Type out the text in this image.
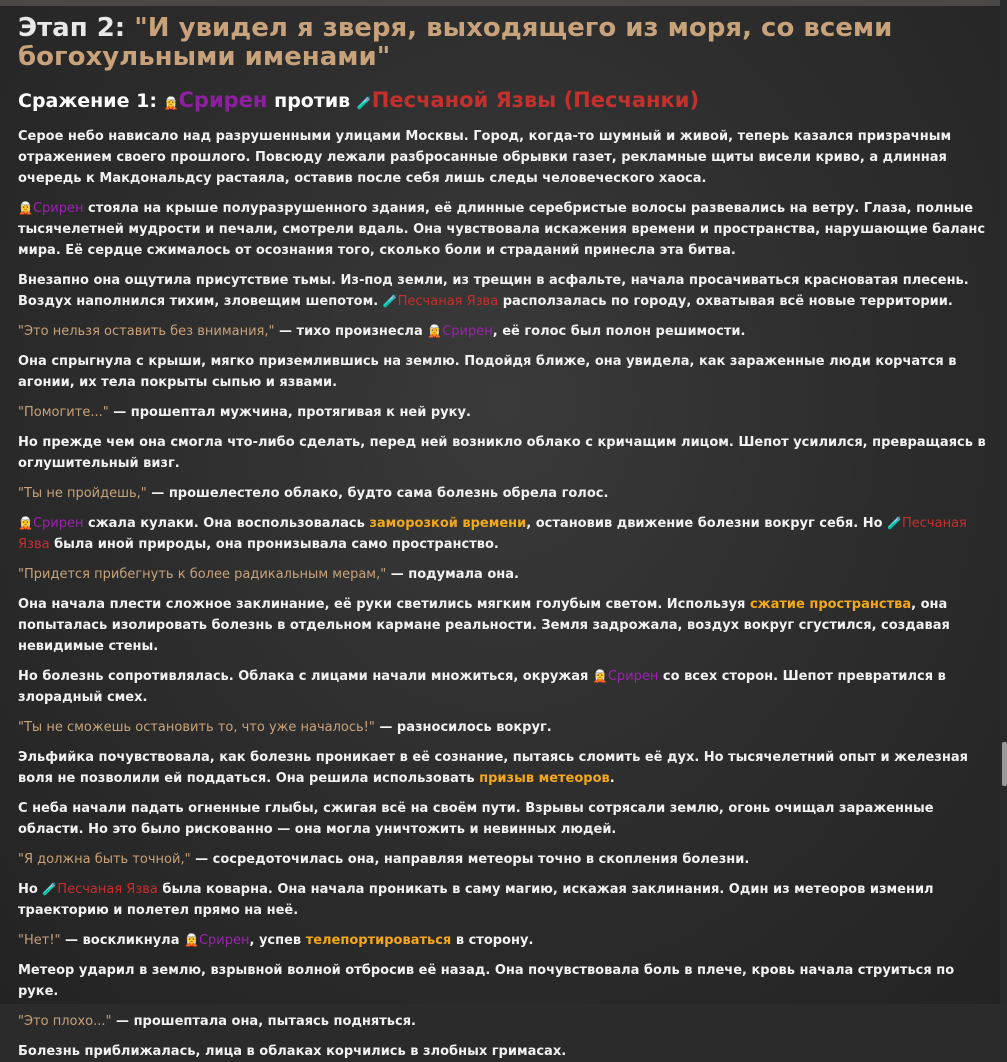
Этап 2: "И увидел я зверя, выходящего из моря, со всеми богохульными именами"
Сражение 1: 🧝Срирен против 🧪Песчаной Язвы (Песчанки)
Серое небо нависало над разрушенными улицами Москвы. Город, когда-то шумный и живой, теперь казался призрачным отражением своего прошлого. Повсюду лежали разбросанные обрывки газет, рекламные щиты висели криво, а длинная очередь к Макдональдсу растаяла, оставив после себя лишь следы человеческого хаоса.
🧝Срирен стояла на крыше полуразрушенного здания, её длинные серебристые волосы развевались на ветру. Глаза, полные тысячелетней мудрости и печали, смотрели вдаль. Она чувствовала искажения времени и пространства, нарушающие баланс мира. Её сердце сжималось от осознания того, сколько боли и страданий принесла эта битва.
Внезапно она ощутила присутствие тьмы. Из-под земли, из трещин в асфальте, начала просачиваться красноватая плесень. Воздух наполнился тихим, зловещим шепотом. 🧪Песчаная Язва расползалась по городу, охватывая всё новые территории.
"Это нельзя оставить без внимания," — тихо произнесла 🧝Срирен, её голос был полон решимости.
Она спрыгнула с крыши, мягко приземлившись на землю. Подойдя ближе, она увидела, как зараженные люди корчатся в агонии, их тела покрыты сыпью и язвами.
"Помогите..." — прошептал мужчина, протягивая к ней руку.
Но прежде чем она смогла что-либо сделать, перед ней возникло облако с кричащим лицом. Шепот усилился, превращаясь в оглушительный визг.
"Ты не пройдешь," — прошелестело облако, будто сама болезнь обрела голос.
🧝Срирен сжала кулаки. Она воспользовалась заморозкой времени, остановив движение болезни вокруг себя. Но 🧪Песчаная Язва была иной природы, она пронизывала само пространство.
"Придется прибегнуть к более радикальным мерам," — подумала она.
Она начала плести сложное заклинание, её руки светились мягким голубым светом. Используя сжатие пространства, она попыталась изолировать болезнь в отдельном кармане реальности. Земля задрожала, воздух вокруг сгустился, создавая невидимые стены.
Но болезнь сопротивлялась. Облака с лицами начали множиться, окружая 🧝Срирен со всех сторон. Шепот превратился в злорадный смех.
"Ты не сможешь остановить то, что уже началось!" — разносилось вокруг.
Эльфийка почувствовала, как болезнь проникает в её сознание, пытаясь сломить её дух. Но тысячелетний опыт и железная воля не позволили ей поддаться. Она решила использовать призыв метеоров.
С неба начали падать огненные глыбы, сжигая всё на своём пути. Взрывы сотрясали землю, огонь очищал зараженные области. Но это было рискованно — она могла уничтожить и невинных людей.
"Я должна быть точной," — сосредоточилась она, направляя метеоры точно в скопления болезни.
Но 🧪Песчаная Язва была коварна. Она начала проникать в саму магию, искажая заклинания. Один из метеоров изменил траекторию и полетел прямо на неё.
"Нет!" — воскликнула 🧝Срирен, успев телепортироваться в сторону.
Метеор ударил в землю, взрывной волной отбросив её назад. Она почувствовала боль в плече, кровь начала струиться по руке.
"Это плохо..." — прошептала она, пытаясь подняться.
Болезнь приближалась, лица в облаках корчились в злобных гримасах.
